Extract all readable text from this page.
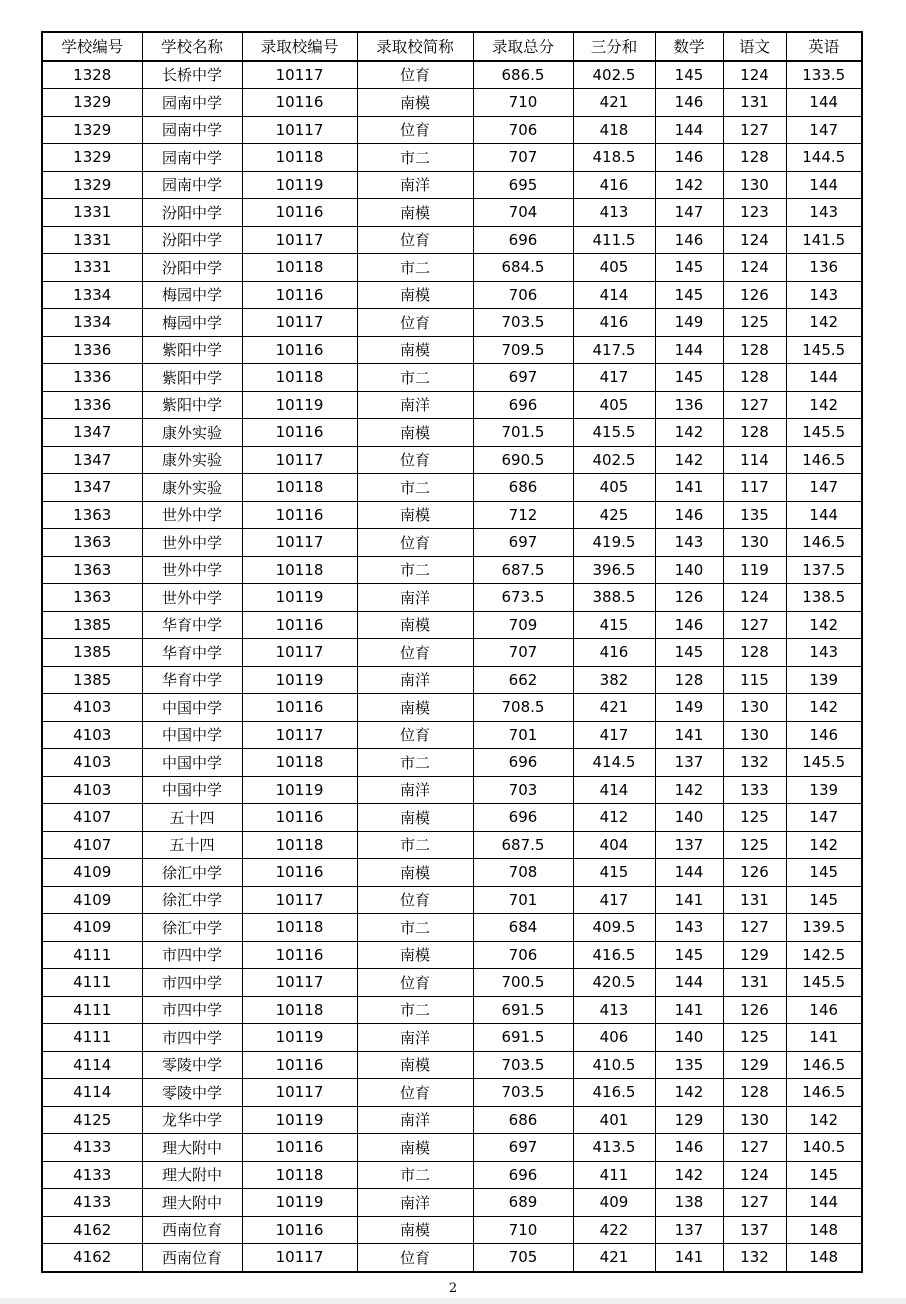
学校编号	学校名称	录取校编号	录取校简称	录取总分	三分和	数学	语文	英语
1328	长桥中学	10117	位育	686.5	402.5	145	124	133.5
1329	园南中学	10116	南模	710	421	146	131	144
1329	园南中学	10117	位育	706	418	144	127	147
1329	园南中学	10118	市二	707	418.5	146	128	144.5
1329	园南中学	10119	南洋	695	416	142	130	144
1331	汾阳中学	10116	南模	704	413	147	123	143
1331	汾阳中学	10117	位育	696	411.5	146	124	141.5
1331	汾阳中学	10118	市二	684.5	405	145	124	136
1334	梅园中学	10116	南模	706	414	145	126	143
1334	梅园中学	10117	位育	703.5	416	149	125	142
1336	紫阳中学	10116	南模	709.5	417.5	144	128	145.5
1336	紫阳中学	10118	市二	697	417	145	128	144
1336	紫阳中学	10119	南洋	696	405	136	127	142
1347	康外实验	10116	南模	701.5	415.5	142	128	145.5
1347	康外实验	10117	位育	690.5	402.5	142	114	146.5
1347	康外实验	10118	市二	686	405	141	117	147
1363	世外中学	10116	南模	712	425	146	135	144
1363	世外中学	10117	位育	697	419.5	143	130	146.5
1363	世外中学	10118	市二	687.5	396.5	140	119	137.5
1363	世外中学	10119	南洋	673.5	388.5	126	124	138.5
1385	华育中学	10116	南模	709	415	146	127	142
1385	华育中学	10117	位育	707	416	145	128	143
1385	华育中学	10119	南洋	662	382	128	115	139
4103	中国中学	10116	南模	708.5	421	149	130	142
4103	中国中学	10117	位育	701	417	141	130	146
4103	中国中学	10118	市二	696	414.5	137	132	145.5
4103	中国中学	10119	南洋	703	414	142	133	139
4107	五十四	10116	南模	696	412	140	125	147
4107	五十四	10118	市二	687.5	404	137	125	142
4109	徐汇中学	10116	南模	708	415	144	126	145
4109	徐汇中学	10117	位育	701	417	141	131	145
4109	徐汇中学	10118	市二	684	409.5	143	127	139.5
4111	市四中学	10116	南模	706	416.5	145	129	142.5
4111	市四中学	10117	位育	700.5	420.5	144	131	145.5
4111	市四中学	10118	市二	691.5	413	141	126	146
4111	市四中学	10119	南洋	691.5	406	140	125	141
4114	零陵中学	10116	南模	703.5	410.5	135	129	146.5
4114	零陵中学	10117	位育	703.5	416.5	142	128	146.5
4125	龙华中学	10119	南洋	686	401	129	130	142
4133	理大附中	10116	南模	697	413.5	146	127	140.5
4133	理大附中	10118	市二	696	411	142	124	145
4133	理大附中	10119	南洋	689	409	138	127	144
4162	西南位育	10116	南模	710	422	137	137	148
4162	西南位育	10117	位育	705	421	141	132	148
2
